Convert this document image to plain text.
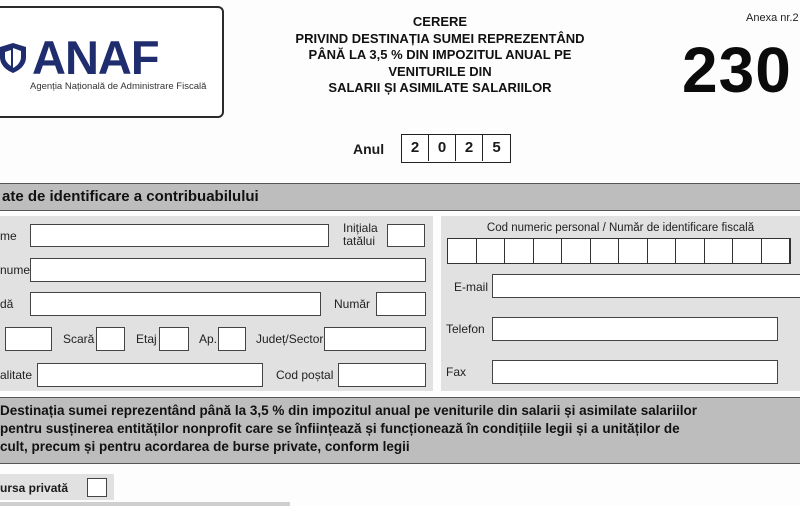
ANAF
Agenția Națională de Administrare Fiscală
CERERE
PRIVIND DESTINAȚIA SUMEI REPREZENTÂND
PÂNĂ LA 3,5 % DIN IMPOZITUL ANUAL PE VENITURILE DIN
SALARII ȘI ASIMILATE SALARIILOR
Anexa nr.2
230
Anul	2	0	2	5
ate de identificare a contribuabilului
me
Inițiala tatălui
nume
dă	Număr
Scară	Etaj	Ap.	Județ/Sector
alitate	Cod poștal
Cod numeric personal / Număr de identificare fiscală
E-mail
Telefon
Fax

Destinația sumei reprezentând până la 3,5 % din impozitul anual pe veniturile din salarii și asimilate salariilor

pentru susținerea entităților nonprofit care se înființează și funcționează în condițiile legii și a unităților de

cult, precum și pentru acordarea de burse private, conform legii

ursa privată
